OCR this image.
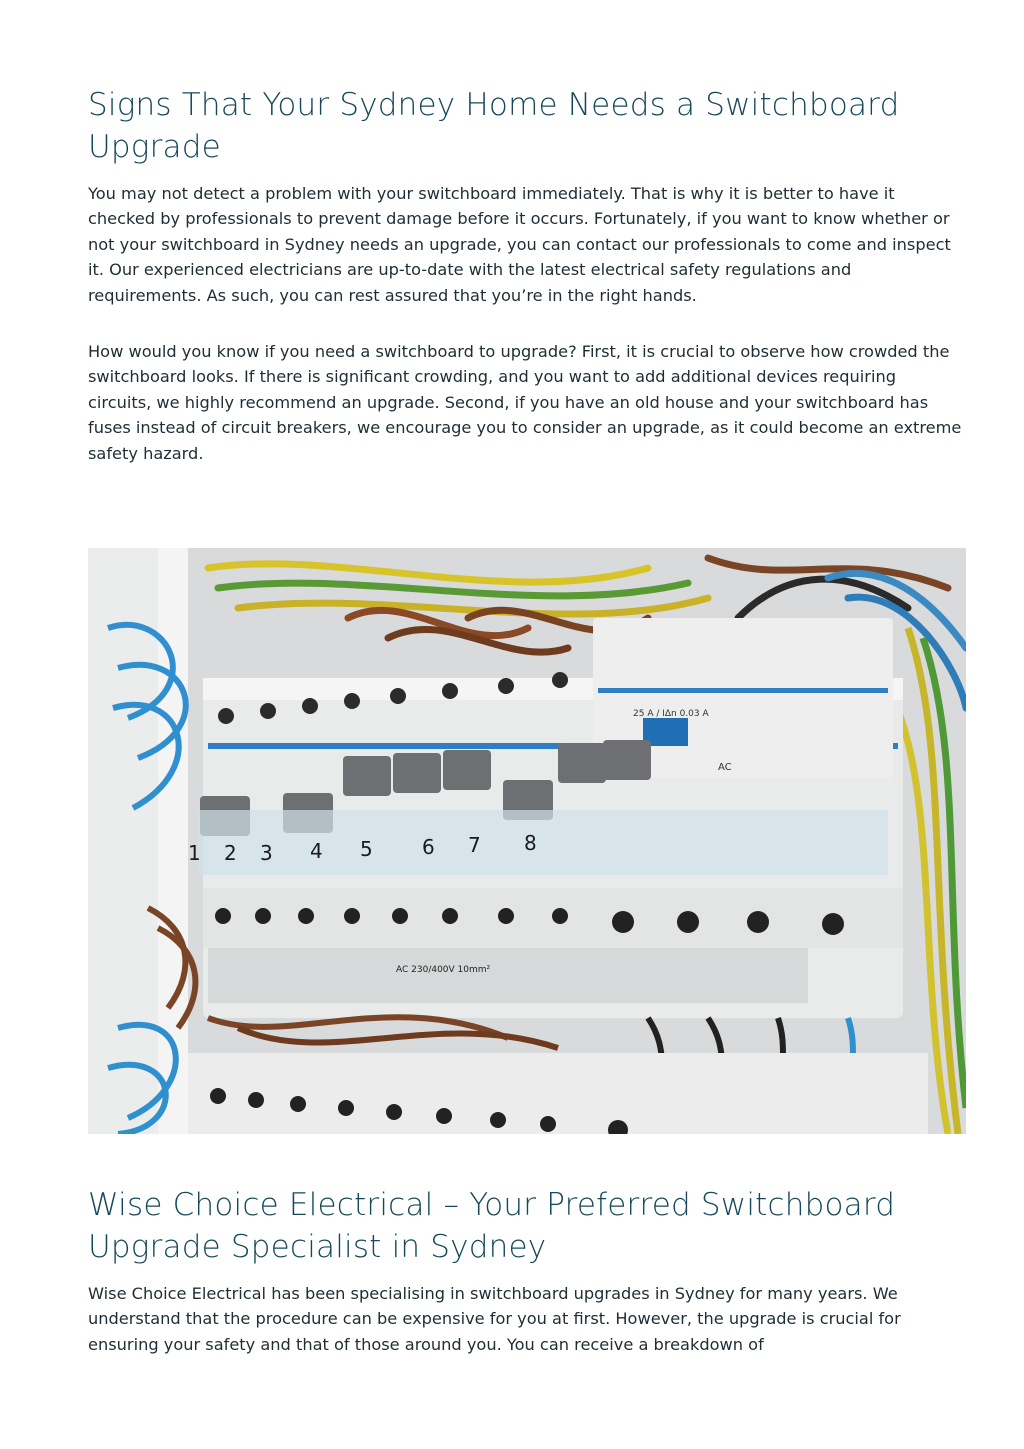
Signs That Your Sydney Home Needs a Switchboard Upgrade

You may not detect a problem with your switchboard immediately. That is why it is better to have it checked by professionals to prevent damage before it occurs. Fortunately, if you want to know whether or not your switchboard in Sydney needs an upgrade, you can contact our professionals to come and inspect it. Our experienced electricians are up-to-date with the latest electrical safety regulations and requirements. As such, you can rest assured that you’re in the right hands.

How would you know if you need a switchboard to upgrade? First, it is crucial to observe how crowded the switchboard looks. If there is significant crowding, and you want to add additional devices requiring circuits, we highly recommend an upgrade. Second, if you have an old house and your switchboard has fuses instead of circuit breakers, we encourage you to consider an upgrade, as it could become an extreme safety hazard.

25 A / IΔn 0.03 A
AC
1 2 3 4 5 6 7 8
AC 230/400V 10mm²
Wise Choice Electrical – Your Preferred Switchboard Upgrade Specialist in Sydney

Wise Choice Electrical has been specialising in switchboard upgrades in Sydney for many years. We understand that the procedure can be expensive for you at first. However, the upgrade is crucial for ensuring your safety and that of those around you. You can receive a breakdown of
